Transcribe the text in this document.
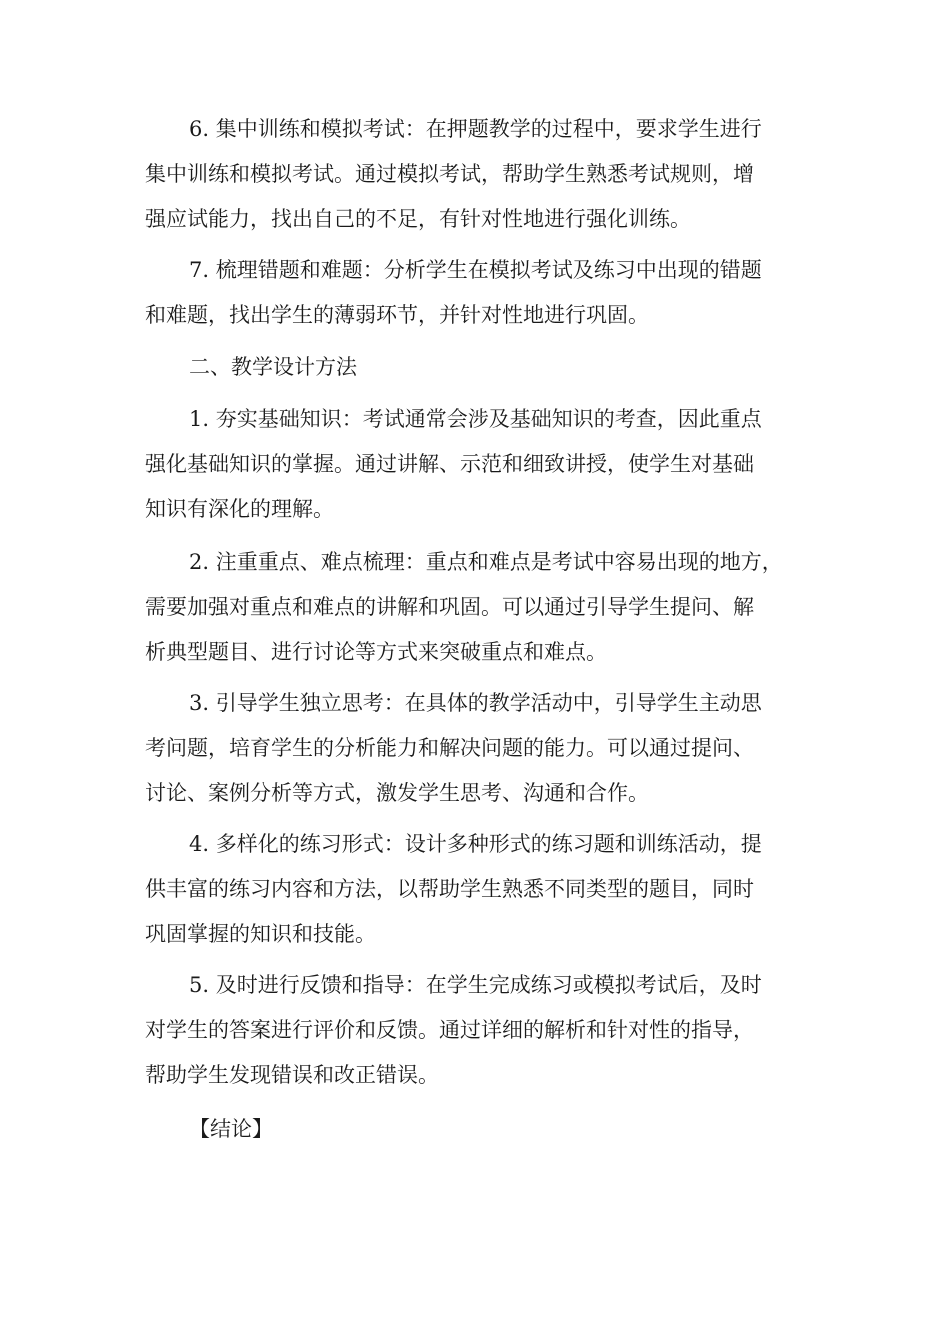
6. 集中训练和模拟考试：在押题教学的过程中，要求学生进行
集中训练和模拟考试。通过模拟考试，帮助学生熟悉考试规则，增
强应试能力，找出自己的不足，有针对性地进行强化训练。

7. 梳理错题和难题：分析学生在模拟考试及练习中出现的错题
和难题，找出学生的薄弱环节，并针对性地进行巩固。

二、教学设计方法

1. 夯实基础知识：考试通常会涉及基础知识的考查，因此重点
强化基础知识的掌握。通过讲解、示范和细致讲授，使学生对基础
知识有深化的理解。

2. 注重重点、难点梳理：重点和难点是考试中容易出现的地方，
需要加强对重点和难点的讲解和巩固。可以通过引导学生提问、解
析典型题目、进行讨论等方式来突破重点和难点。

3. 引导学生独立思考：在具体的教学活动中，引导学生主动思
考问题，培育学生的分析能力和解决问题的能力。可以通过提问、
讨论、案例分析等方式，激发学生思考、沟通和合作。

4. 多样化的练习形式：设计多种形式的练习题和训练活动，提
供丰富的练习内容和方法，以帮助学生熟悉不同类型的题目，同时
巩固掌握的知识和技能。

5. 及时进行反馈和指导：在学生完成练习或模拟考试后，及时
对学生的答案进行评价和反馈。通过详细的解析和针对性的指导，
帮助学生发现错误和改正错误。

【结论】
